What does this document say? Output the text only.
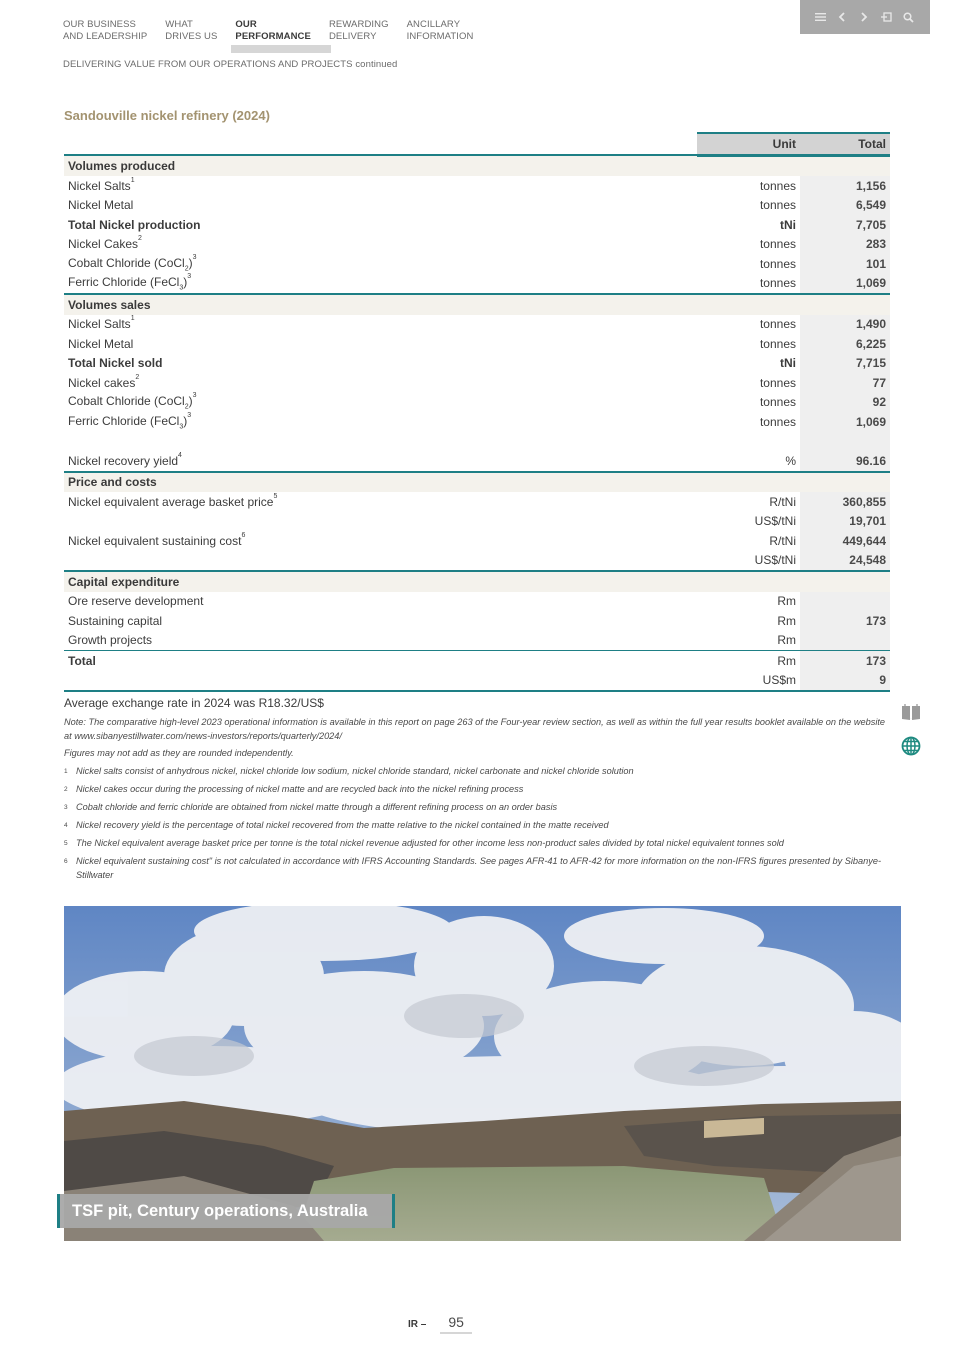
OUR BUSINESS
AND LEADERSHIP
WHAT
DRIVES US
OUR
PERFORMANCE
REWARDING
DELIVERY
ANCILLARY
INFORMATION
DELIVERING VALUE FROM OUR OPERATIONS AND PROJECTS continued
Sandouville nickel refinery (2024)
	Unit	Total
Volumes produced		
Nickel Salts$^1$	tonnes	1,156
Nickel Metal	tonnes	6,549
Total Nickel production	tNi	7,705
Nickel Cakes$^2$	tonnes	283
Cobalt Chloride (CoCl$_2$)$^3$	tonnes	101
Ferric Chloride (FeCl$_3$)$^3$	tonnes	1,069
Volumes sales		
Nickel Salts$^1$	tonnes	1,490
Nickel Metal	tonnes	6,225
Total Nickel sold	tNi	7,715
Nickel cakes$^2$	tonnes	77
Cobalt Chloride (CoCl$_2$)$^3$	tonnes	92
Ferric Chloride (FeCl$_3$)$^3$	tonnes	1,069

Nickel recovery yield$^4$	%	96.16
Price and costs		
Nickel equivalent average basket price$^5$	R/tNi	360,855
	US$/tNi	19,701
Nickel equivalent sustaining cost$^6$	R/tNi	449,644
	US$/tNi	24,548
Capital expenditure		
Ore reserve development	Rm	
Sustaining capital	Rm	173
Growth projects	Rm	
Total	Rm	173
	US$m	9
Average exchange rate in 2024 was R18.32/US$
Note: The comparative high-level 2023 operational information is available in this report on page 263 of the Four-year review section, as well as within the full year results booklet available on the website at www.sibanyestillwater.com/news-investors/reports/quarterly/2024/
Figures may not add as they are rounded independently.
1 Nickel salts consist of anhydrous nickel, nickel chloride low sodium, nickel chloride standard, nickel carbonate and nickel chloride solution
2 Nickel cakes occur during the processing of nickel matte and are recycled back into the nickel refining process
3 Cobalt chloride and ferric chloride are obtained from nickel matte through a different refining process on an order basis
4 Nickel recovery yield is the percentage of total nickel recovered from the matte relative to the nickel contained in the matte received
5 The Nickel equivalent average basket price per tonne is the total nickel revenue adjusted for other income less non-product sales divided by total nickel equivalent tonnes sold
6 Nickel equivalent sustaining cost" is not calculated in accordance with IFRS Accounting Standards. See pages AFR-41 to AFR-42 for more information on the non-IFRS figures presented by Sibanye-Stillwater
TSF pit, Century operations, Australia
IR –	95
